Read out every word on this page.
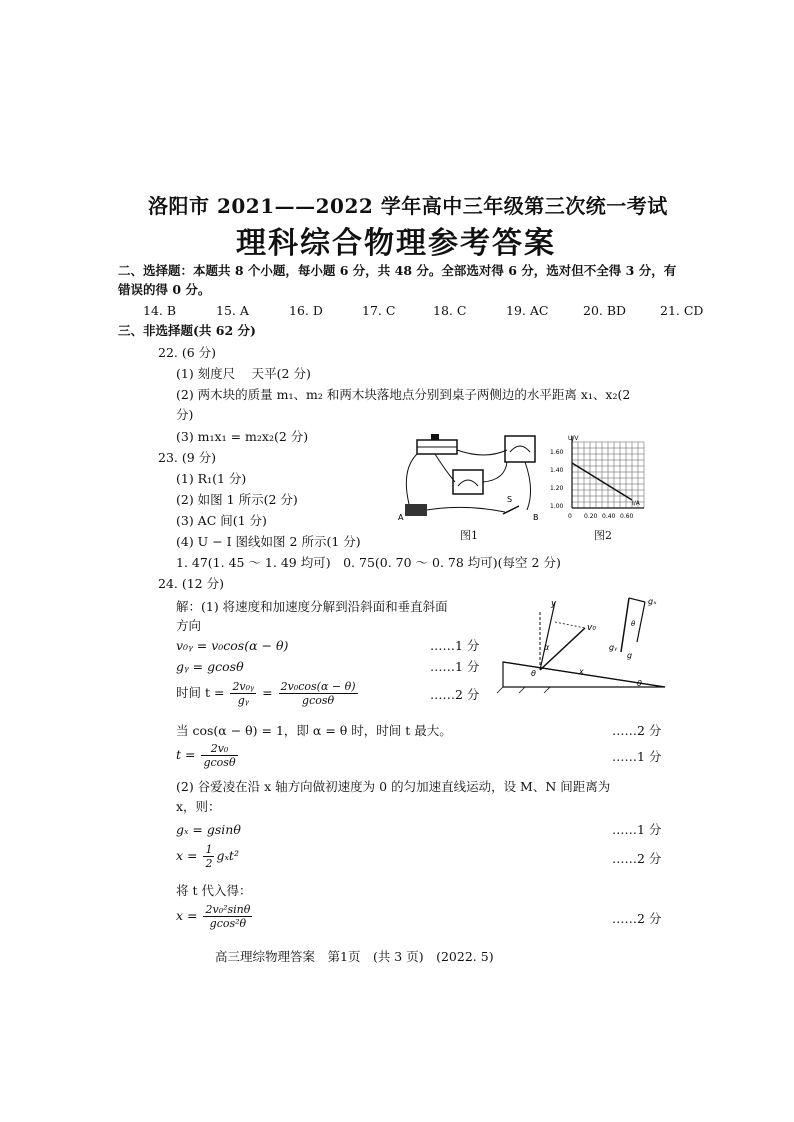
洛阳市 2021——2022 学年高中三年级第三次统一考试
理科综合物理参考答案
二、选择题：本题共 8 个小题，每小题 6 分，共 48 分。全部选对得 6 分，选对但不全得 3 分，有
错误的得 0 分。
14. B	15. A	16. D	17. C	18. C	19. AC	20. BD	21. CD
三、非选择题(共 62 分)
22. (6 分)
(1) 刻度尺　 天平(2 分)
(2) 两木块的质量 m₁、m₂ 和两木块落地点分别到桌子两侧边的水平距离 x₁、x₂(2
分)
(3) m₁x₁ = m₂x₂(2 分)
23. (9 分)
(1) R₁(1 分)
(2) 如图 1 所示(2 分)
(3) AC 间(1 分)
(4) U − I 图线如图 2 所示(1 分)
1. 47(1. 45 ～ 1. 49 均可)　0. 75(0. 70 ～ 0. 78 均可)(每空 2 分)
A
S
B
图1
U/V
I/A
1.60
1.40
1.20
1.00
0 0.20 0.40 0.60
图2
24. (12 分)
解：(1) 将速度和加速度分解到沿斜面和垂直斜面
方向
v₀ᵧ = v₀cos(α − θ)	……1 分
gᵧ = gcosθ	……1 分
时间 $t = \frac{\text{2v₀ᵧ}}{\text{gᵧ}} = \frac{\text{2v₀cos(α − θ)}}{gcos\theta}$	……2 分
y
v₀
α
θ	x
θ
gₓ
gᵧ
g
θ
当 cos(α − θ) = 1，即 α = θ 时，时间 t 最大。	……2 分
$t = \frac{\text{2v₀}}{gcos\theta}$	……1 分
(2) 谷爱凌在沿 x 轴方向做初速度为 0 的匀加速直线运动，设 M、N 间距离为
x，则：
gₓ = gsinθ	……1 分
$x = \frac{1}{2} g_xt^2$	……2 分
将 t 代入得：
$x = \frac{\text{2v₀²sinθ}}{\text{gcos²θ}}$	……2 分
高三理综物理答案　第1页　(共 3 页)　(2022. 5)
